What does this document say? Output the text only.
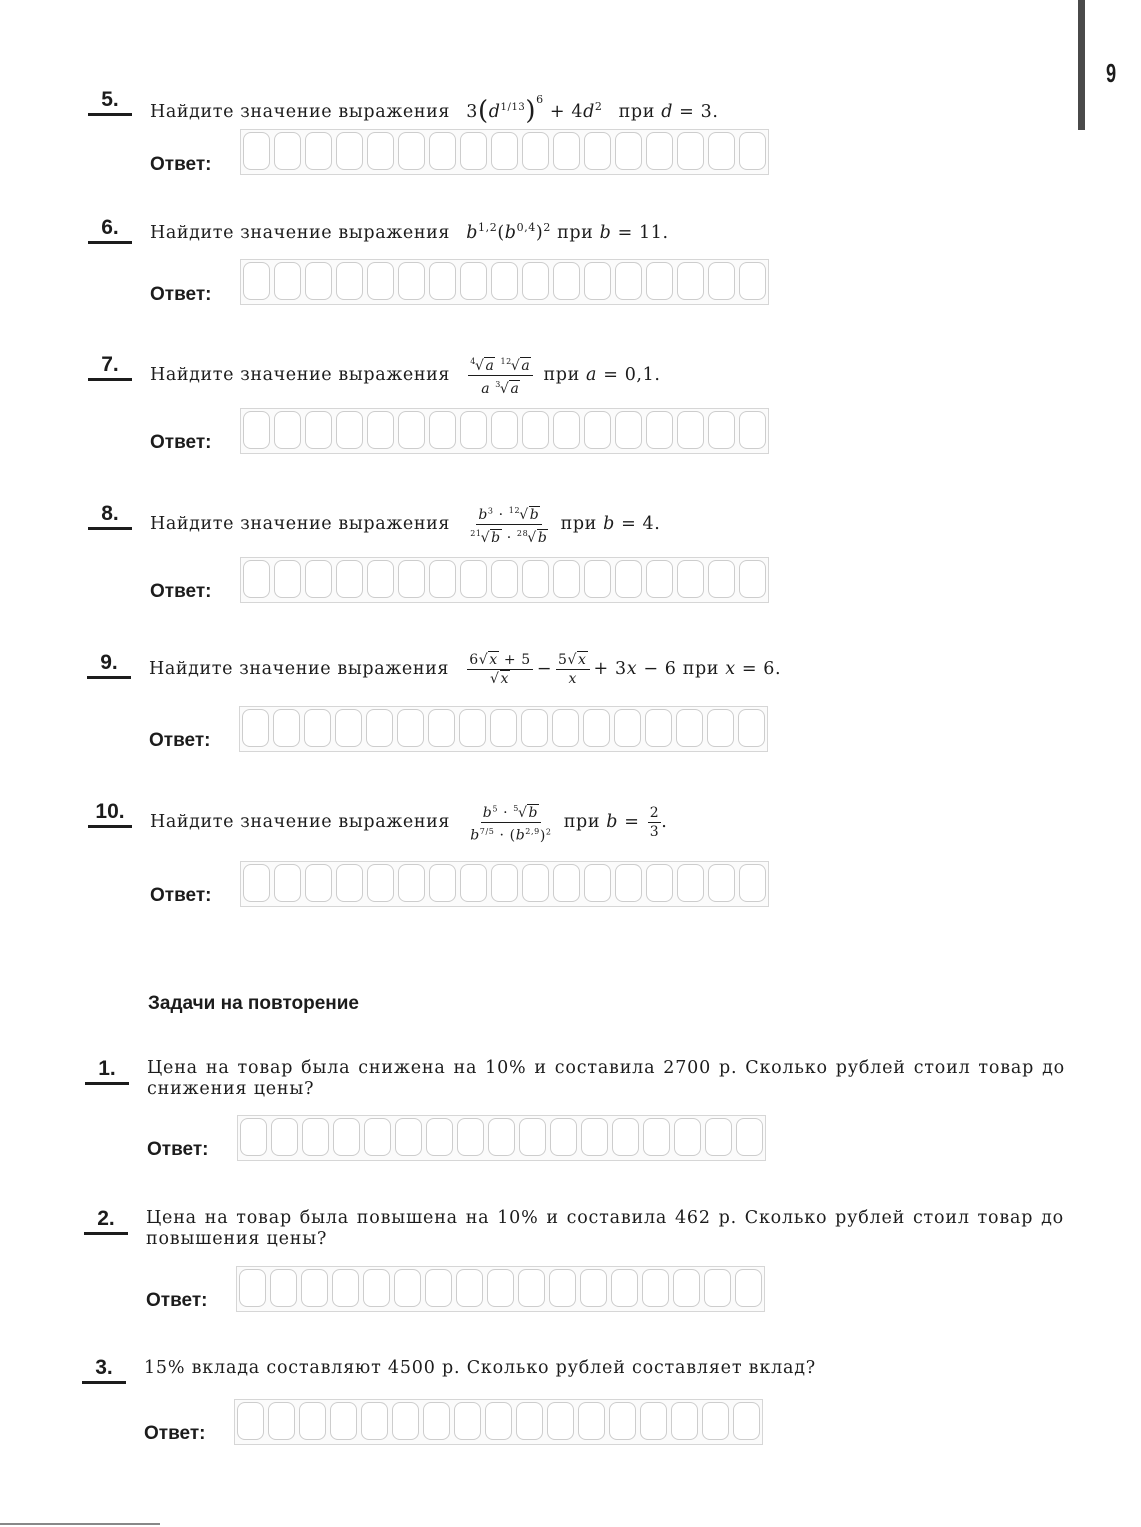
9
5.
Найдите значение выражения $3(d^{1/13})^6 + 4d^2$ при d = 3.
Ответ:
6.	Найдите значение выражения $b^{1,2}(b^{0,4})^2$ при b = 11.
Ответ:
7.	Найдите значение выражения $\frac{^4√a ^{12}√a}{a ^3√a}$ при a = 0,1.
Ответ:
8.	Найдите значение выражения $\frac{b^3 \cdot ^{12}√b}{^{21}√b \cdot ^{28}√b}$ при b = 4.
Ответ:
9.	Найдите значение выражения $\frac{6√x + 5}{√x} - \frac{5√x}{x} + 3x - 6$ при x = 6.
Ответ:
10.	Найдите значение выражения $\frac{b^5 \cdot ^5√b}{b^{7/5} \cdot (b^{2,9})^2}$ при $b = \frac{2}{3}$ .
Ответ:
Задачи на повторение
1.	Цена на товар была снижена на 10% и составила 2700 р. Сколько рублей стоил товар до снижения цены?
Ответ:
2.	Цена на товар была повышена на 10% и составила 462 р. Сколько рублей стоил товар до повышения цены?
Ответ:
3.	15% вклада составляют 4500 р. Сколько рублей составляет вклад?
Ответ:
